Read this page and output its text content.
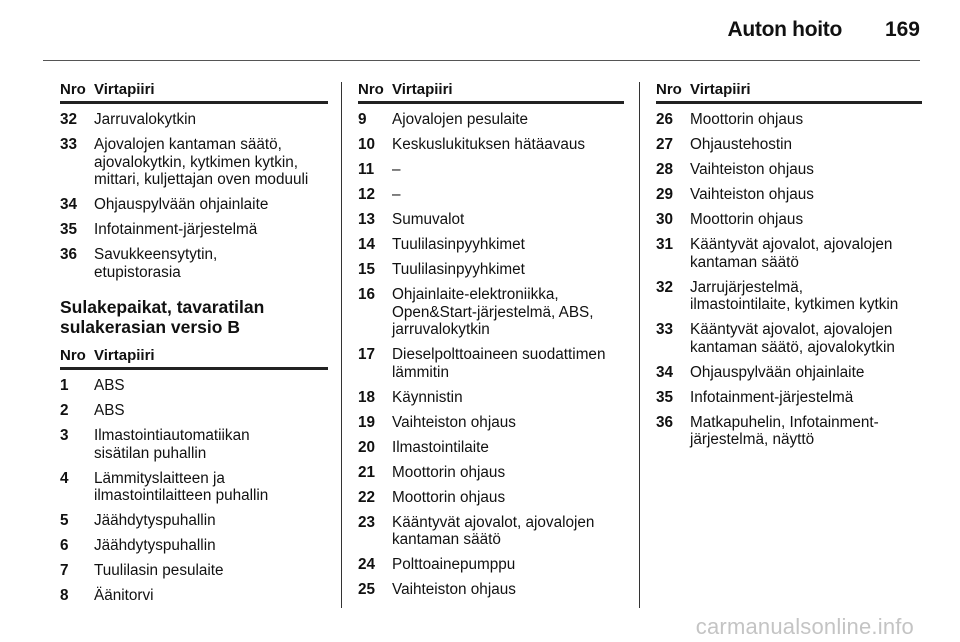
Auton hoito 169
Nro Virtapiiri
32	Jarruvalokytkin
33	Ajovalojen kantaman säätö,
ajovalokytkin, kytkimen kytkin,
mittari, kuljettajan oven moduuli
34	Ohjauspylvään ohjainlaite
35	Infotainment-järjestelmä
36	Savukkeensytytin,
etupistorasia
Sulakepaikat, tavaratilan
sulakerasian versio B
Nro Virtapiiri
1	ABS
2	ABS
3	Ilmastointiautomatiikan
sisätilan puhallin
4	Lämmityslaitteen ja
ilmastointilaitteen puhallin
5	Jäähdytyspuhallin
6	Jäähdytyspuhallin
7	Tuulilasin pesulaite
8	Äänitorvi
Nro Virtapiiri
9	Ajovalojen pesulaite
10	Keskuslukituksen hätäavaus
11	–
12	–
13	Sumuvalot
14	Tuulilasinpyyhkimet
15	Tuulilasinpyyhkimet
16	Ohjainlaite-elektroniikka,
Open&Start-järjestelmä, ABS,
jarruvalokytkin
17	Dieselpolttoaineen suodattimen
lämmitin
18	Käynnistin
19	Vaihteiston ohjaus
20	Ilmastointilaite
21	Moottorin ohjaus
22	Moottorin ohjaus
23	Kääntyvät ajovalot, ajovalojen
kantaman säätö
24	Polttoainepumppu
25	Vaihteiston ohjaus
Nro Virtapiiri
26	Moottorin ohjaus
27	Ohjaustehostin
28	Vaihteiston ohjaus
29	Vaihteiston ohjaus
30	Moottorin ohjaus
31	Kääntyvät ajovalot, ajovalojen
kantaman säätö
32	Jarrujärjestelmä,
ilmastointilaite, kytkimen kytkin
33	Kääntyvät ajovalot, ajovalojen
kantaman säätö, ajovalokytkin
34	Ohjauspylvään ohjainlaite
35	Infotainment-järjestelmä
36	Matkapuhelin, Infotainment-
järjestelmä, näyttö
carmanualsonline.info
